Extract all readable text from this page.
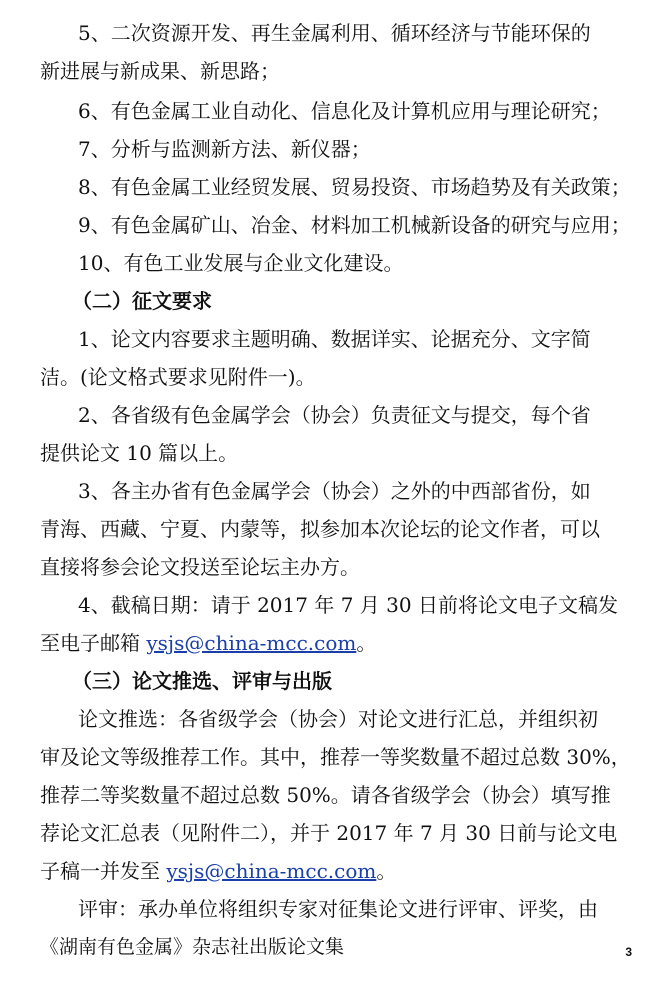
5、二次资源开发、再生金属利用、循环经济与节能环保的

新进展与新成果、新思路；

6、有色金属工业自动化、信息化及计算机应用与理论研究；

7、分析与监测新方法、新仪器；

8、有色金属工业经贸发展、贸易投资、市场趋势及有关政策；

9、有色金属矿山、冶金、材料加工机械新设备的研究与应用；

10、有色工业发展与企业文化建设。

（二）征文要求

1、论文内容要求主题明确、数据详实、论据充分、文字简

洁。(论文格式要求见附件一)。

2、各省级有色金属学会（协会）负责征文与提交，每个省

提供论文 10 篇以上。

3、各主办省有色金属学会（协会）之外的中西部省份，如

青海、西藏、宁夏、内蒙等，拟参加本次论坛的论文作者，可以

直接将参会论文投送至论坛主办方。

4、截稿日期：请于 2017 年 7 月 30 日前将论文电子文稿发

至电子邮箱 ysjs@china-mcc.com。

（三）论文推选、评审与出版

论文推选：各省级学会（协会）对论文进行汇总，并组织初

审及论文等级推荐工作。其中，推荐一等奖数量不超过总数 30%，

推荐二等奖数量不超过总数 50%。请各省级学会（协会）填写推

荐论文汇总表（见附件二），并于 2017 年 7 月 30 日前与论文电

子稿一并发至 ysjs@china-mcc.com。

评审：承办单位将组织专家对征集论文进行评审、评奖，由

《湖南有色金属》杂志社出版论文集	3
